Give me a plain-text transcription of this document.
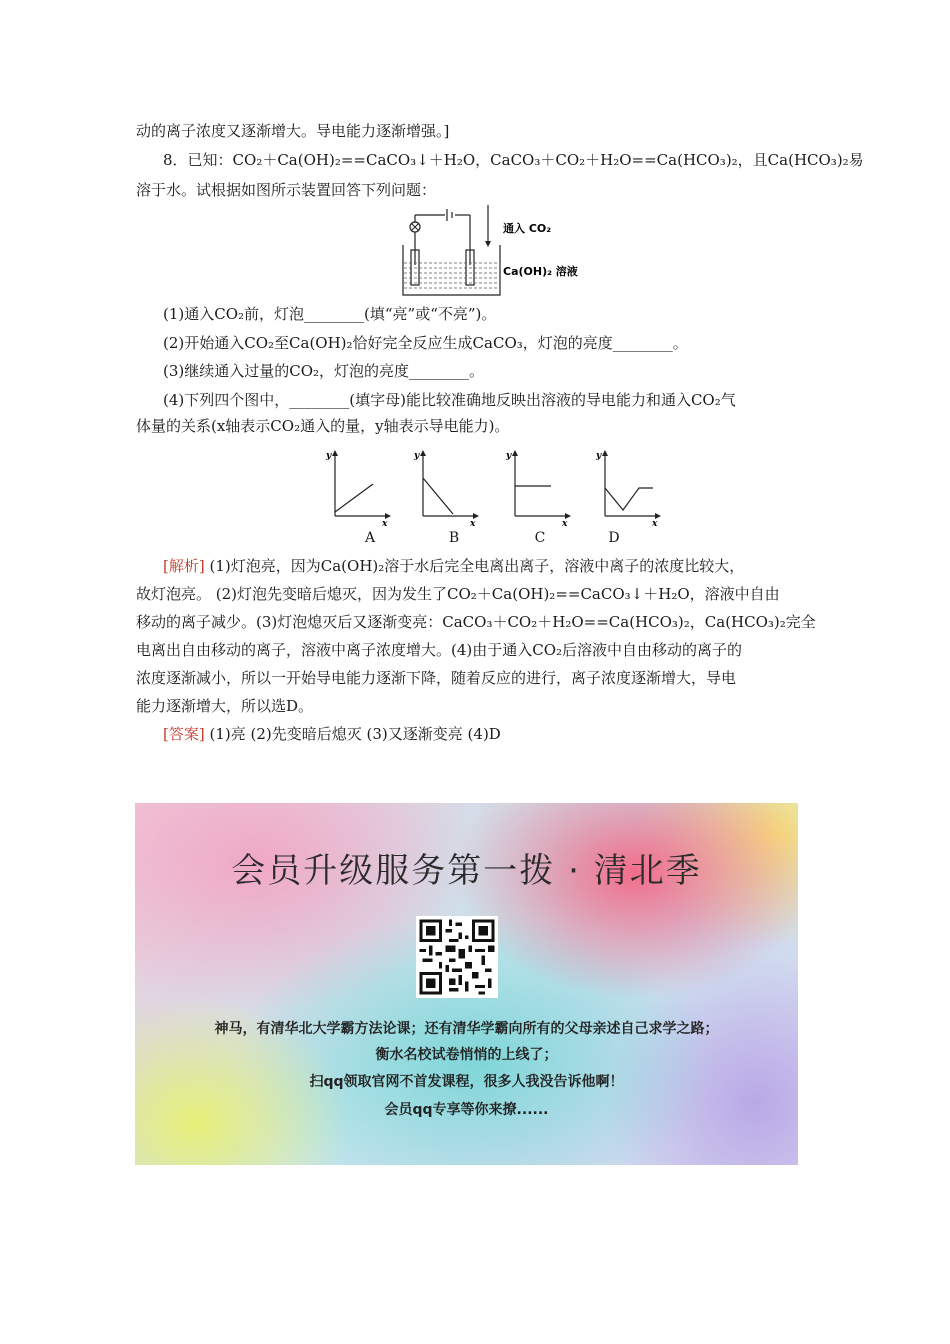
动的离子浓度又逐渐增大。导电能力逐渐增强。]
8．已知：CO₂＋Ca(OH)₂==CaCO₃↓＋H₂O，CaCO₃＋CO₂＋H₂O==Ca(HCO₃)₂，且Ca(HCO₃)₂易
溶于水。试根据如图所示装置回答下列问题：
通入 CO₂
Ca(OH)₂ 溶液
(1)通入CO₂前，灯泡________(填“亮”或“不亮”)。
(2)开始通入CO₂至Ca(OH)₂恰好完全反应生成CaCO₃，灯泡的亮度________。
(3)继续通入过量的CO₂，灯泡的亮度________。
(4)下列四个图中，________(填字母)能比较准确地反映出溶液的导电能力和通入CO₂气
体量的关系(x轴表示CO₂通入的量，y轴表示导电能力)。
y
x
y
x
y
x
y
x
A	B	C	D
[解析] (1)灯泡亮，因为Ca(OH)₂溶于水后完全电离出离子，溶液中离子的浓度比较大，
故灯泡亮。 (2)灯泡先变暗后熄灭，因为发生了CO₂＋Ca(OH)₂==CaCO₃↓＋H₂O，溶液中自由
移动的离子减少。(3)灯泡熄灭后又逐渐变亮：CaCO₃＋CO₂＋H₂O==Ca(HCO₃)₂，Ca(HCO₃)₂完全
电离出自由移动的离子，溶液中离子浓度增大。(4)由于通入CO₂后溶液中自由移动的离子的
浓度逐渐减小，所以一开始导电能力逐渐下降，随着反应的进行，离子浓度逐渐增大，导电
能力逐渐增大，所以选D。
[答案] (1)亮 (2)先变暗后熄灭 (3)又逐渐变亮 (4)D
会员升级服务第一拨 · 清北季
神马，有清华北大学霸方法论课；还有清华学霸向所有的父母亲述自己求学之路；
衡水名校试卷悄悄的上线了；
扫qq领取官网不首发课程，很多人我没告诉他啊！
会员qq专享等你来撩......
